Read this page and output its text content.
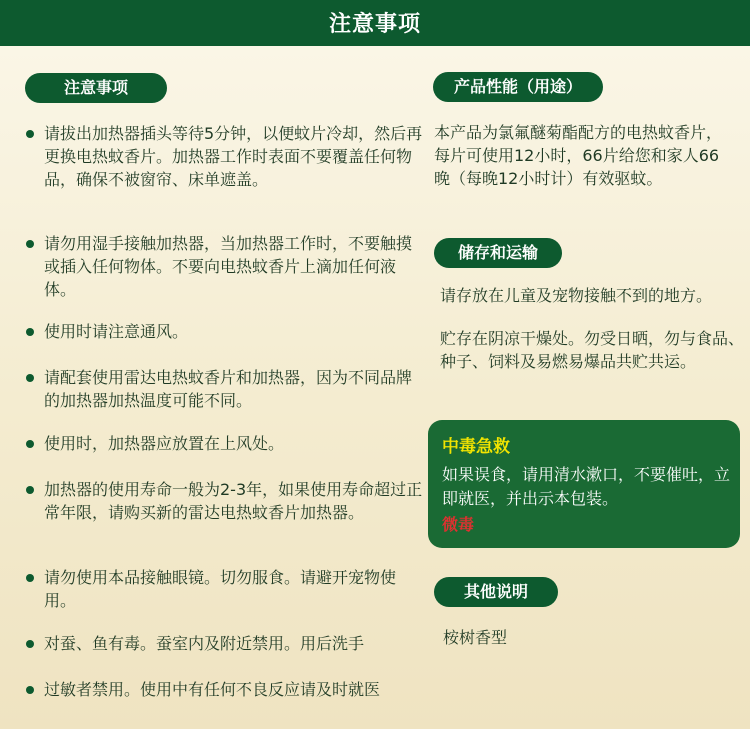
注意事项
注意事项
请拔出加热器插头等待5分钟，以便蚊片冷却，然后再更换电热蚊香片。加热器工作时表面不要覆盖任何物品，确保不被窗帘、床单遮盖。
请勿用湿手接触加热器，当加热器工作时，不要触摸或插入任何物体。不要向电热蚊香片上滴加任何液体。
使用时请注意通风。
请配套使用雷达电热蚊香片和加热器，因为不同品牌的加热器加热温度可能不同。
使用时，加热器应放置在上风处。
加热器的使用寿命一般为2-3年，如果使用寿命超过正常年限，请购买新的雷达电热蚊香片加热器。
请勿使用本品接触眼镜。切勿服食。请避开宠物使用。
对蚕、鱼有毒。蚕室内及附近禁用。用后洗手
过敏者禁用。使用中有任何不良反应请及时就医
产品性能（用途）
本产品为氯氟醚菊酯配方的电热蚊香片，每片可使用12小时，66片给您和家人66晚（每晚12小时计）有效驱蚊。
储存和运输
请存放在儿童及宠物接触不到的地方。
贮存在阴凉干燥处。勿受日晒，勿与食品、种子、饲料及易燃易爆品共贮共运。
中毒急救
如果误食，请用清水漱口，不要催吐，立即就医，并出示本包装。
微毒
其他说明
桉树香型
